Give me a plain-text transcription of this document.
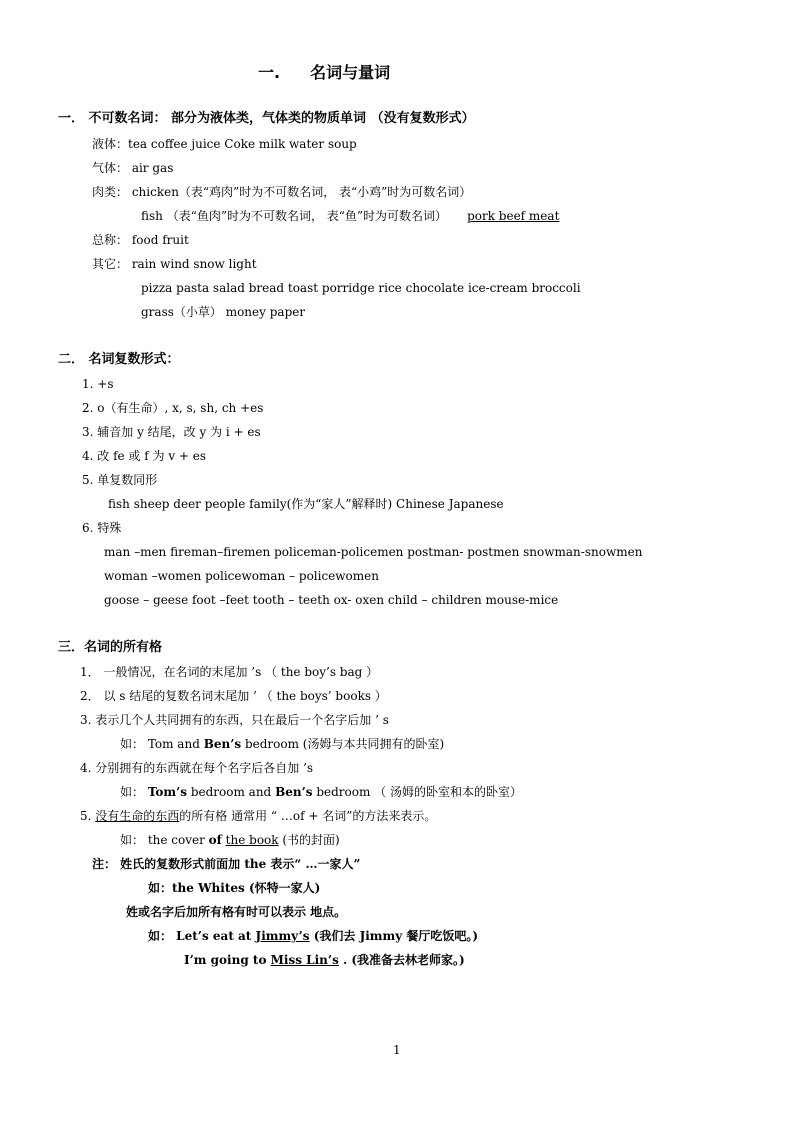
一. 名词与量词
一． 不可数名词： 部分为液体类，气体类的物质单词 （没有复数形式）
液体：tea coffee juice Coke milk water soup
气体： air gas
肉类： chicken（表“鸡肉”时为不可数名词， 表“小鸡”时为可数名词）
fish （表“鱼肉”时为不可数名词， 表“鱼”时为可数名词） pork beef meat
总称： food fruit
其它： rain wind snow light
pizza pasta salad bread toast porridge rice chocolate ice-cream broccoli
grass（小草） money paper
二． 名词复数形式：
1. +s
2. o（有生命）, x, s, sh, ch +es
3. 辅音加 y 结尾，改 y 为 i + es
4. 改 fe 或 f 为 v + es
5. 单复数同形
fish sheep deer people family(作为“家人”解释时) Chinese Japanese
6. 特殊
man –men fireman–firemen policeman-policemen postman- postmen snowman-snowmen
woman –women policewoman – policewomen
goose – geese foot –feet tooth – teeth ox- oxen child – children mouse-mice
三．名词的所有格
1． 一般情况，在名词的末尾加 ’s （ the boy’s bag ）
2． 以 s 结尾的复数名词末尾加 ’ （ the boys’ books ）
3. 表示几个人共同拥有的东西，只在最后一个名字后加 ’ s
如： Tom and Ben’s bedroom (汤姆与本共同拥有的卧室)
4. 分别拥有的东西就在每个名字后各自加 ’s
如： Tom’s bedroom and Ben’s bedroom （ 汤姆的卧室和本的卧室）
5. 没有生命的东西的所有格 通常用 “ …of + 名词”的方法来表示。
如： the cover of the book (书的封面)
注： 姓氏的复数形式前面加 the 表示“ …一家人”
如：the Whites (怀特一家人)
姓或名字后加所有格有时可以表示 地点。
如： Let’s eat at Jimmy’s (我们去 Jimmy 餐厅吃饭吧。)
I’m going to Miss Lin’s . (我准备去林老师家。)
1
